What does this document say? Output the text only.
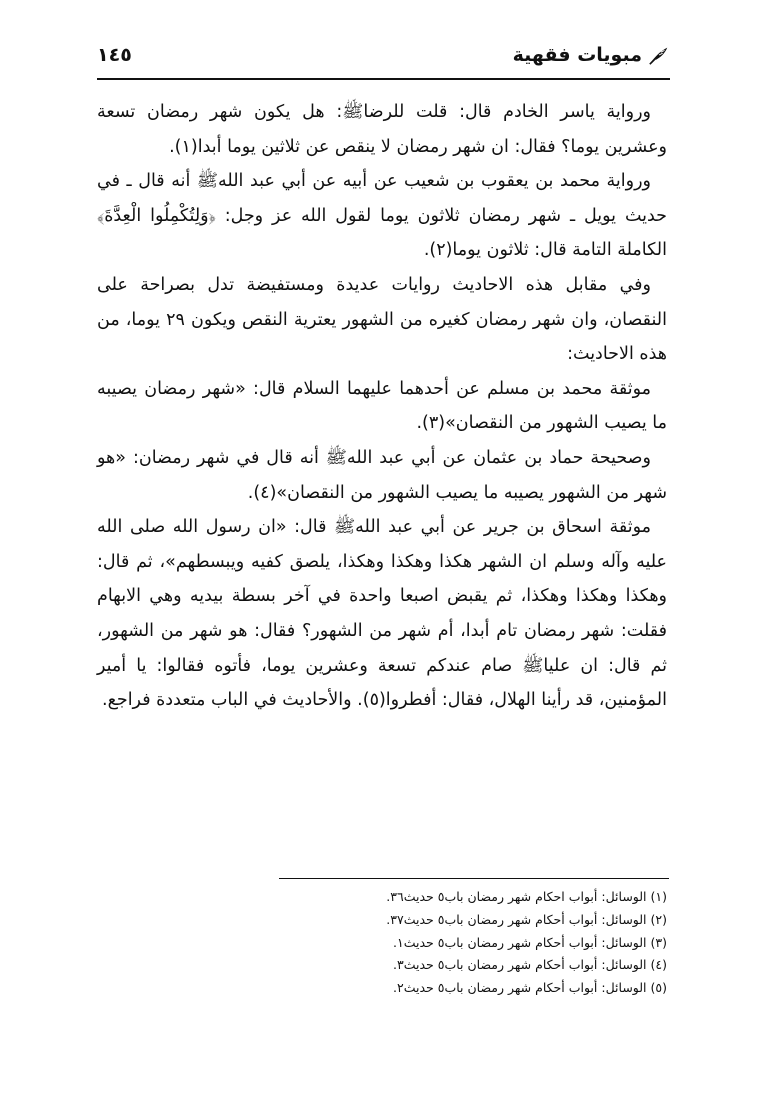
مبويات فقهية
١٤٥

ورواية ياسر الخادم قال: قلت للرضاﷺ: هل يكون شهر رمضان تسعة وعشرين يوما؟ فقال: ان شهر رمضان لا ينقص عن ثلاثين يوما أبدا(١).

ورواية محمد بن يعقوب بن شعيب عن أبيه عن أبي عبد اللهﷺ أنه قال ـ في حديث يويل ـ شهر رمضان ثلاثون يوما لقول الله عز وجل: ﴿وَلِتُكْمِلُوا الْعِدَّةَ﴾ الكاملة التامة قال: ثلاثون يوما(٢).

وفي مقابل هذه الاحاديث روايات عديدة ومستفيضة تدل بصراحة على النقصان، وان شهر رمضان كغيره من الشهور يعترية النقص ويكون ٢٩ يوما، من هذه الاحاديث:

موثقة محمد بن مسلم عن أحدهما عليهما السلام قال: «شهر رمضان يصيبه ما يصيب الشهور من النقصان»(٣).

وصحيحة حماد بن عثمان عن أبي عبد اللهﷺ أنه قال في شهر رمضان: «هو شهر من الشهور يصيبه ما يصيب الشهور من النقصان»(٤).

موثقة اسحاق بن جرير عن أبي عبد اللهﷺ قال: «ان رسول الله صلى الله عليه وآله وسلم ان الشهر هكذا وهكذا وهكذا، يلصق كفيه ويبسطهم»، ثم قال: وهكذا وهكذا وهكذا، ثم يقبض اصبعا واحدة في آخر بسطة بيديه وهي الابهام فقلت: شهر رمضان تام أبدا، أم شهر من الشهور؟ فقال: هو شهر من الشهور، ثم قال: ان علياﷺ صام عندكم تسعة وعشرين يوما، فأتوه فقالوا: يا أمير المؤمنين، قد رأينا الهلال، فقال: أفطروا(٥). والأحاديث في الباب متعددة فراجع.

(١) الوسائل: أبواب احكام شهر رمضان باب٥ حديث٣٦.

(٢) الوسائل: أبواب أحكام شهر رمضان باب٥ حديث٣٧.

(٣) الوسائل: أبواب أحكام شهر رمضان باب٥ حديث١.

(٤) الوسائل: أبواب أحكام شهر رمضان باب٥ حديث٣.

(٥) الوسائل: أبواب أحكام شهر رمضان باب٥ حديث٢.
